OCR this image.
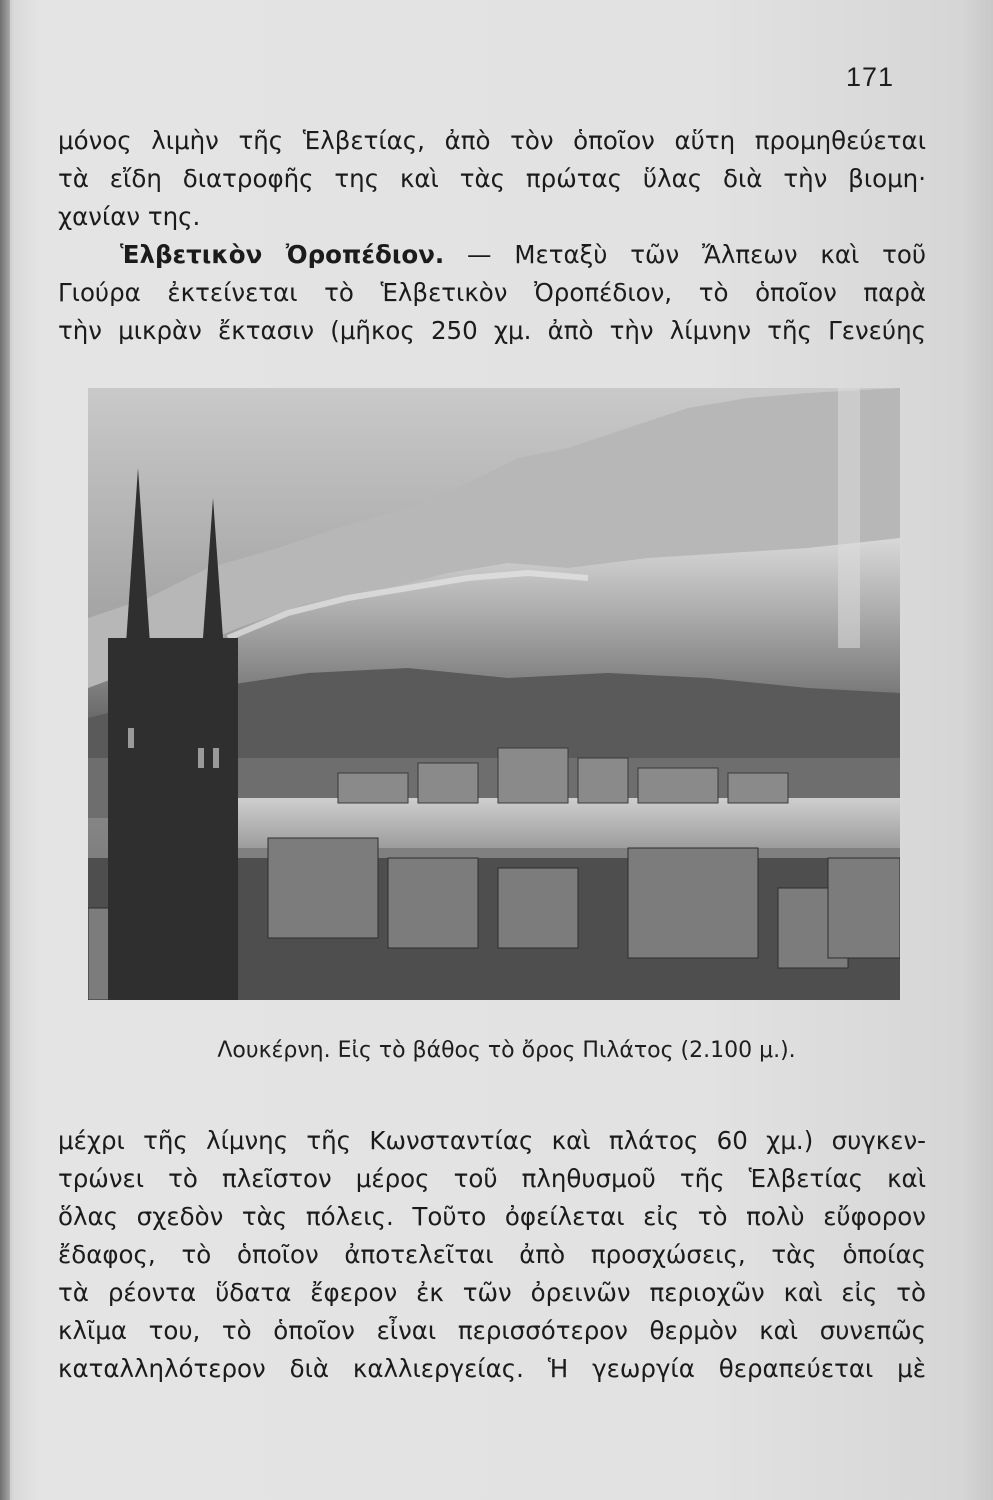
171
μόνος λιμὴν τῆς Ἑλβετίας, ἀπὸ τὸν ὁποῖον αὕτη προμηθεύεται
τὰ εἴδη διατροφῆς της καὶ τὰς πρώτας ὕλας διὰ τὴν βιομη·
χανίαν της.
Ἑλβετικὸν Ὀροπέδιον. — Μεταξὺ τῶν Ἄλπεων καὶ τοῦ
Γιούρα ἐκτείνεται τὸ Ἑλβετικὸν Ὀροπέδιον, τὸ ὁποῖον παρὰ
τὴν μικρὰν ἔκτασιν (μῆκος 250 χμ. ἀπὸ τὴν λίμνην τῆς Γενεύης
Λουκέρνη. Εἰς τὸ βάθος τὸ ὄρος Πιλάτος (2.100 μ.).
μέχρι τῆς λίμνης τῆς Κωνσταντίας καὶ πλάτος 60 χμ.) συγκεν-
τρώνει τὸ πλεῖστον μέρος τοῦ πληθυσμοῦ τῆς Ἑλβετίας καὶ
ὅλας σχεδὸν τὰς πόλεις. Τοῦτο ὀφείλεται εἰς τὸ πολὺ εὔφορον
ἔδαφος, τὸ ὁποῖον ἀποτελεῖται ἀπὸ προσχώσεις, τὰς ὁποίας
τὰ ρέοντα ὕδατα ἔφερον ἐκ τῶν ὀρεινῶν περιοχῶν καὶ εἰς τὸ
κλῖμα του, τὸ ὁποῖον εἶναι περισσότερον θερμὸν καὶ συνεπῶς
καταλληλότερον διὰ καλλιεργείας. Ἡ γεωργία θεραπεύεται μὲ
